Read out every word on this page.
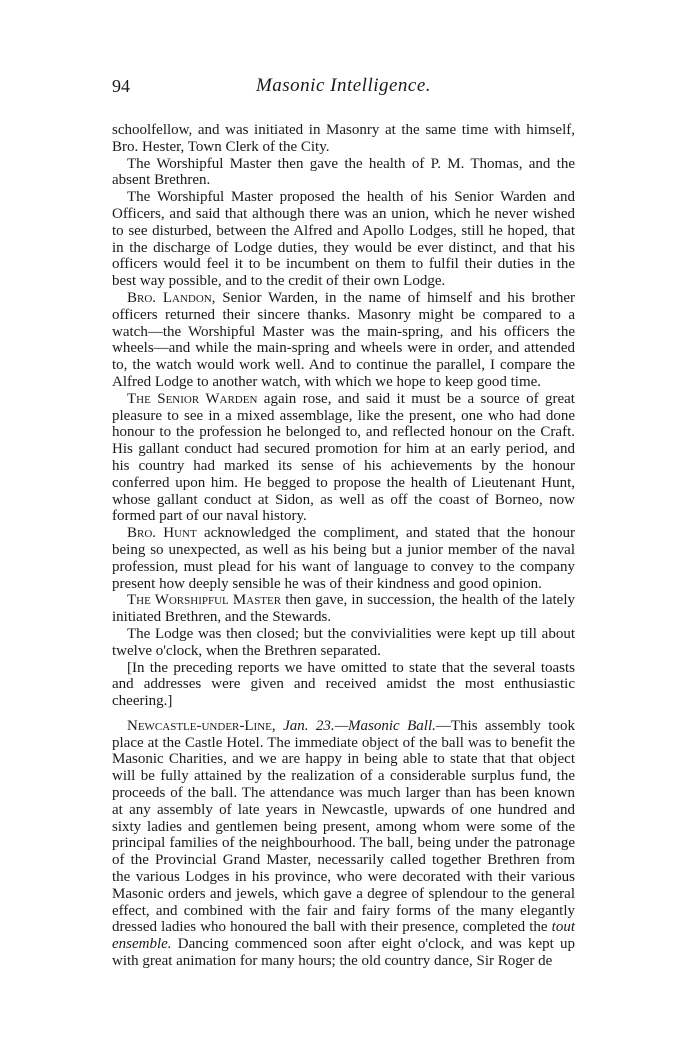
94	Masonic Intelligence.

schoolfellow, and was initiated in Masonry at the same time with himself, Bro. Hester, Town Clerk of the City.

The Worshipful Master then gave the health of P. M. Thomas, and the absent Brethren.

The Worshipful Master proposed the health of his Senior Warden and Officers, and said that although there was an union, which he never wished to see disturbed, between the Alfred and Apollo Lodges, still he hoped, that in the discharge of Lodge duties, they would be ever distinct, and that his officers would feel it to be incumbent on them to fulfil their duties in the best way possible, and to the credit of their own Lodge.

Bro. Landon, Senior Warden, in the name of himself and his brother officers returned their sincere thanks. Masonry might be compared to a watch—the Worshipful Master was the main-spring, and his officers the wheels—and while the main-spring and wheels were in order, and attended to, the watch would work well. And to continue the parallel, I compare the Alfred Lodge to another watch, with which we hope to keep good time.

The Senior Warden again rose, and said it must be a source of great pleasure to see in a mixed assemblage, like the present, one who had done honour to the profession he belonged to, and reflected honour on the Craft. His gallant conduct had secured promotion for him at an early period, and his country had marked its sense of his achievements by the honour conferred upon him. He begged to propose the health of Lieutenant Hunt, whose gallant conduct at Sidon, as well as off the coast of Borneo, now formed part of our naval history.

Bro. Hunt acknowledged the compliment, and stated that the honour being so unexpected, as well as his being but a junior member of the naval profession, must plead for his want of language to convey to the company present how deeply sensible he was of their kindness and good opinion.

The Worshipful Master then gave, in succession, the health of the lately initiated Brethren, and the Stewards.

The Lodge was then closed; but the convivialities were kept up till about twelve o'clock, when the Brethren separated.

[In the preceding reports we have omitted to state that the several toasts and addresses were given and received amidst the most enthusiastic cheering.]

Newcastle-under-Line, Jan. 23.—Masonic Ball.—This assembly took place at the Castle Hotel. The immediate object of the ball was to benefit the Masonic Charities, and we are happy in being able to state that that object will be fully attained by the realization of a considerable surplus fund, the proceeds of the ball. The attendance was much larger than has been known at any assembly of late years in Newcastle, upwards of one hundred and sixty ladies and gentlemen being present, among whom were some of the principal families of the neighbourhood. The ball, being under the patronage of the Provincial Grand Master, necessarily called together Brethren from the various Lodges in his province, who were decorated with their various Masonic orders and jewels, which gave a degree of splendour to the general effect, and combined with the fair and fairy forms of the many elegantly dressed ladies who honoured the ball with their presence, completed the tout ensemble. Dancing commenced soon after eight o'clock, and was kept up with great animation for many hours; the old country dance, Sir Roger de
